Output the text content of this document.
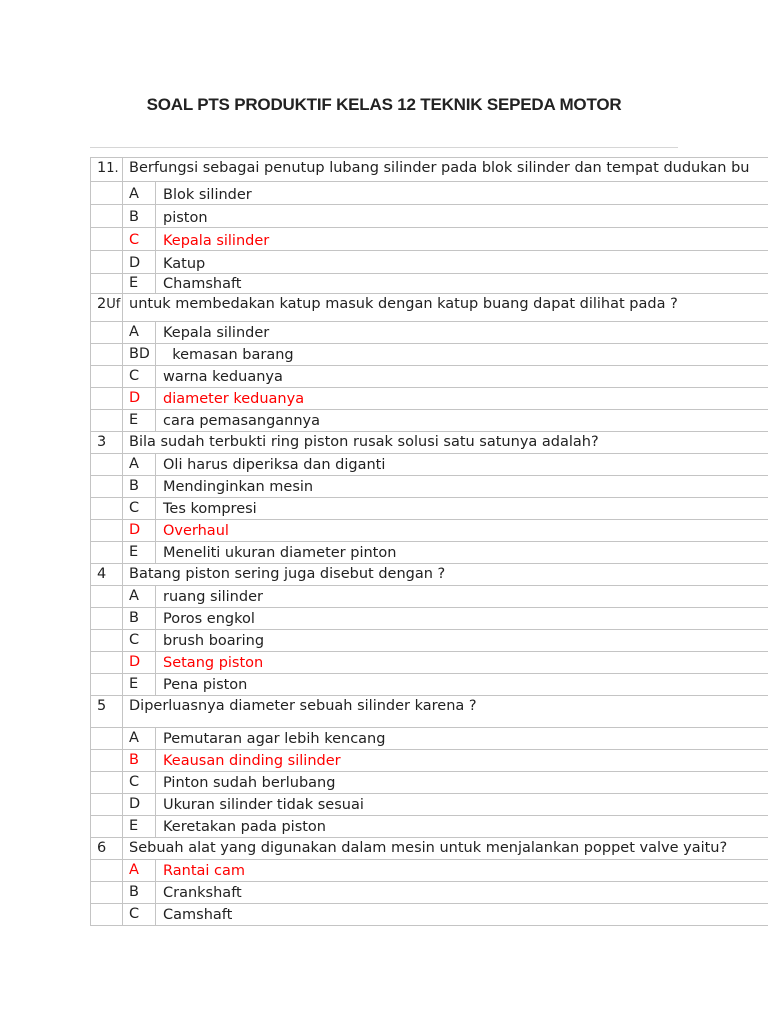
SOAL PTS PRODUKTIF KELAS 12 TEKNIK SEPEDA MOTOR
11.	Berfungsi sebagai penutup lubang silinder pada blok silinder dan tempat dudukan bu	
	A	Blok silinder
	B	piston
	C	Kepala silinder
	D	Katup
	E	Chamshaft
2Uf	untuk membedakan katup masuk dengan katup buang dapat dilihat pada ?	
	A	Kepala silinder
	BD	kemasan barang
	C	warna keduanya
	D	diameter keduanya
	E	cara pemasangannya
3	Bila sudah terbukti ring piston rusak solusi satu satunya adalah?	
	A	Oli harus diperiksa dan diganti
	B	Mendinginkan mesin
	C	Tes kompresi
	D	Overhaul
	E	Meneliti ukuran diameter pinton
4	Batang piston sering juga disebut dengan ?	
	A	ruang silinder
	B	Poros engkol
	C	brush boaring
	D	Setang piston
	E	Pena piston
5	Diperluasnya diameter sebuah silinder karena ?	
	A	Pemutaran agar lebih kencang
	B	Keausan dinding silinder
	C	Pinton sudah berlubang
	D	Ukuran silinder tidak sesuai
	E	Keretakan pada piston
6	Sebuah alat yang digunakan dalam mesin untuk menjalankan poppet valve yaitu?	
	A	Rantai cam
	B	Crankshaft
	C	Camshaft
